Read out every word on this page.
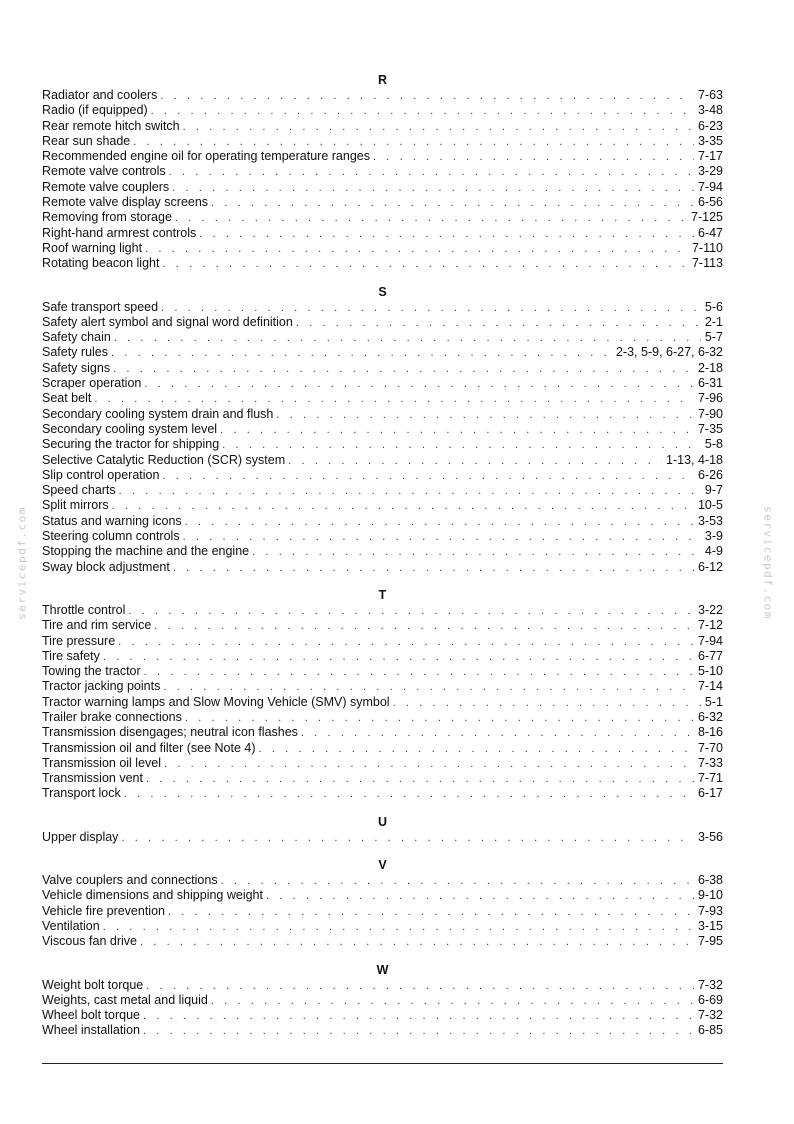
servicepdf.com	servicepdf.com
R
Radiator and coolers . . .	7-63
Radio (if equipped) . . .	3-48
Rear remote hitch switch . . .	6-23
Rear sun shade . . .	3-35
Recommended engine oil for operating temperature ranges . . .	7-17
Remote valve controls . . .	3-29
Remote valve couplers . . .	7-94
Remote valve display screens . . .	6-56
Removing from storage . . .	7-125
Right-hand armrest controls . . .	6-47
Roof warning light . . .	7-110
Rotating beacon light . . .	7-113
S
Safe transport speed . . .	5-6
Safety alert symbol and signal word definition . . .	2-1
Safety chain . . .	5-7
Safety rules . . .	2-3, 5-9, 6-27, 6-32
Safety signs . . .	2-18
Scraper operation . . .	6-31
Seat belt . . .	7-96
Secondary cooling system drain and flush . . .	7-90
Secondary cooling system level . . .	7-35
Securing the tractor for shipping . . .	5-8
Selective Catalytic Reduction (SCR) system . . .	1-13, 4-18
Slip control operation . . .	6-26
Speed charts . . .	9-7
Split mirrors . . .	10-5
Status and warning icons . . .	3-53
Steering column controls . . .	3-9
Stopping the machine and the engine . . .	4-9
Sway block adjustment . . .	6-12
T
Throttle control . . .	3-22
Tire and rim service . . .	7-12
Tire pressure . . .	7-94
Tire safety . . .	6-77
Towing the tractor . . .	5-10
Tractor jacking points . . .	7-14
Tractor warning lamps and Slow Moving Vehicle (SMV) symbol . . .	5-1
Trailer brake connections . . .	6-32
Transmission disengages; neutral icon flashes . . .	8-16
Transmission oil and filter (see Note 4) . . .	7-70
Transmission oil level . . .	7-33
Transmission vent . . .	7-71
Transport lock . . .	6-17
U
Upper display . . .	3-56
V
Valve couplers and connections . . .	6-38
Vehicle dimensions and shipping weight . . .	9-10
Vehicle fire prevention . . .	7-93
Ventilation . . .	3-15
Viscous fan drive . . .	7-95
W
Weight bolt torque . . .	7-32
Weights, cast metal and liquid . . .	6-69
Wheel bolt torque . . .	7-32
Wheel installation . . .	6-85
